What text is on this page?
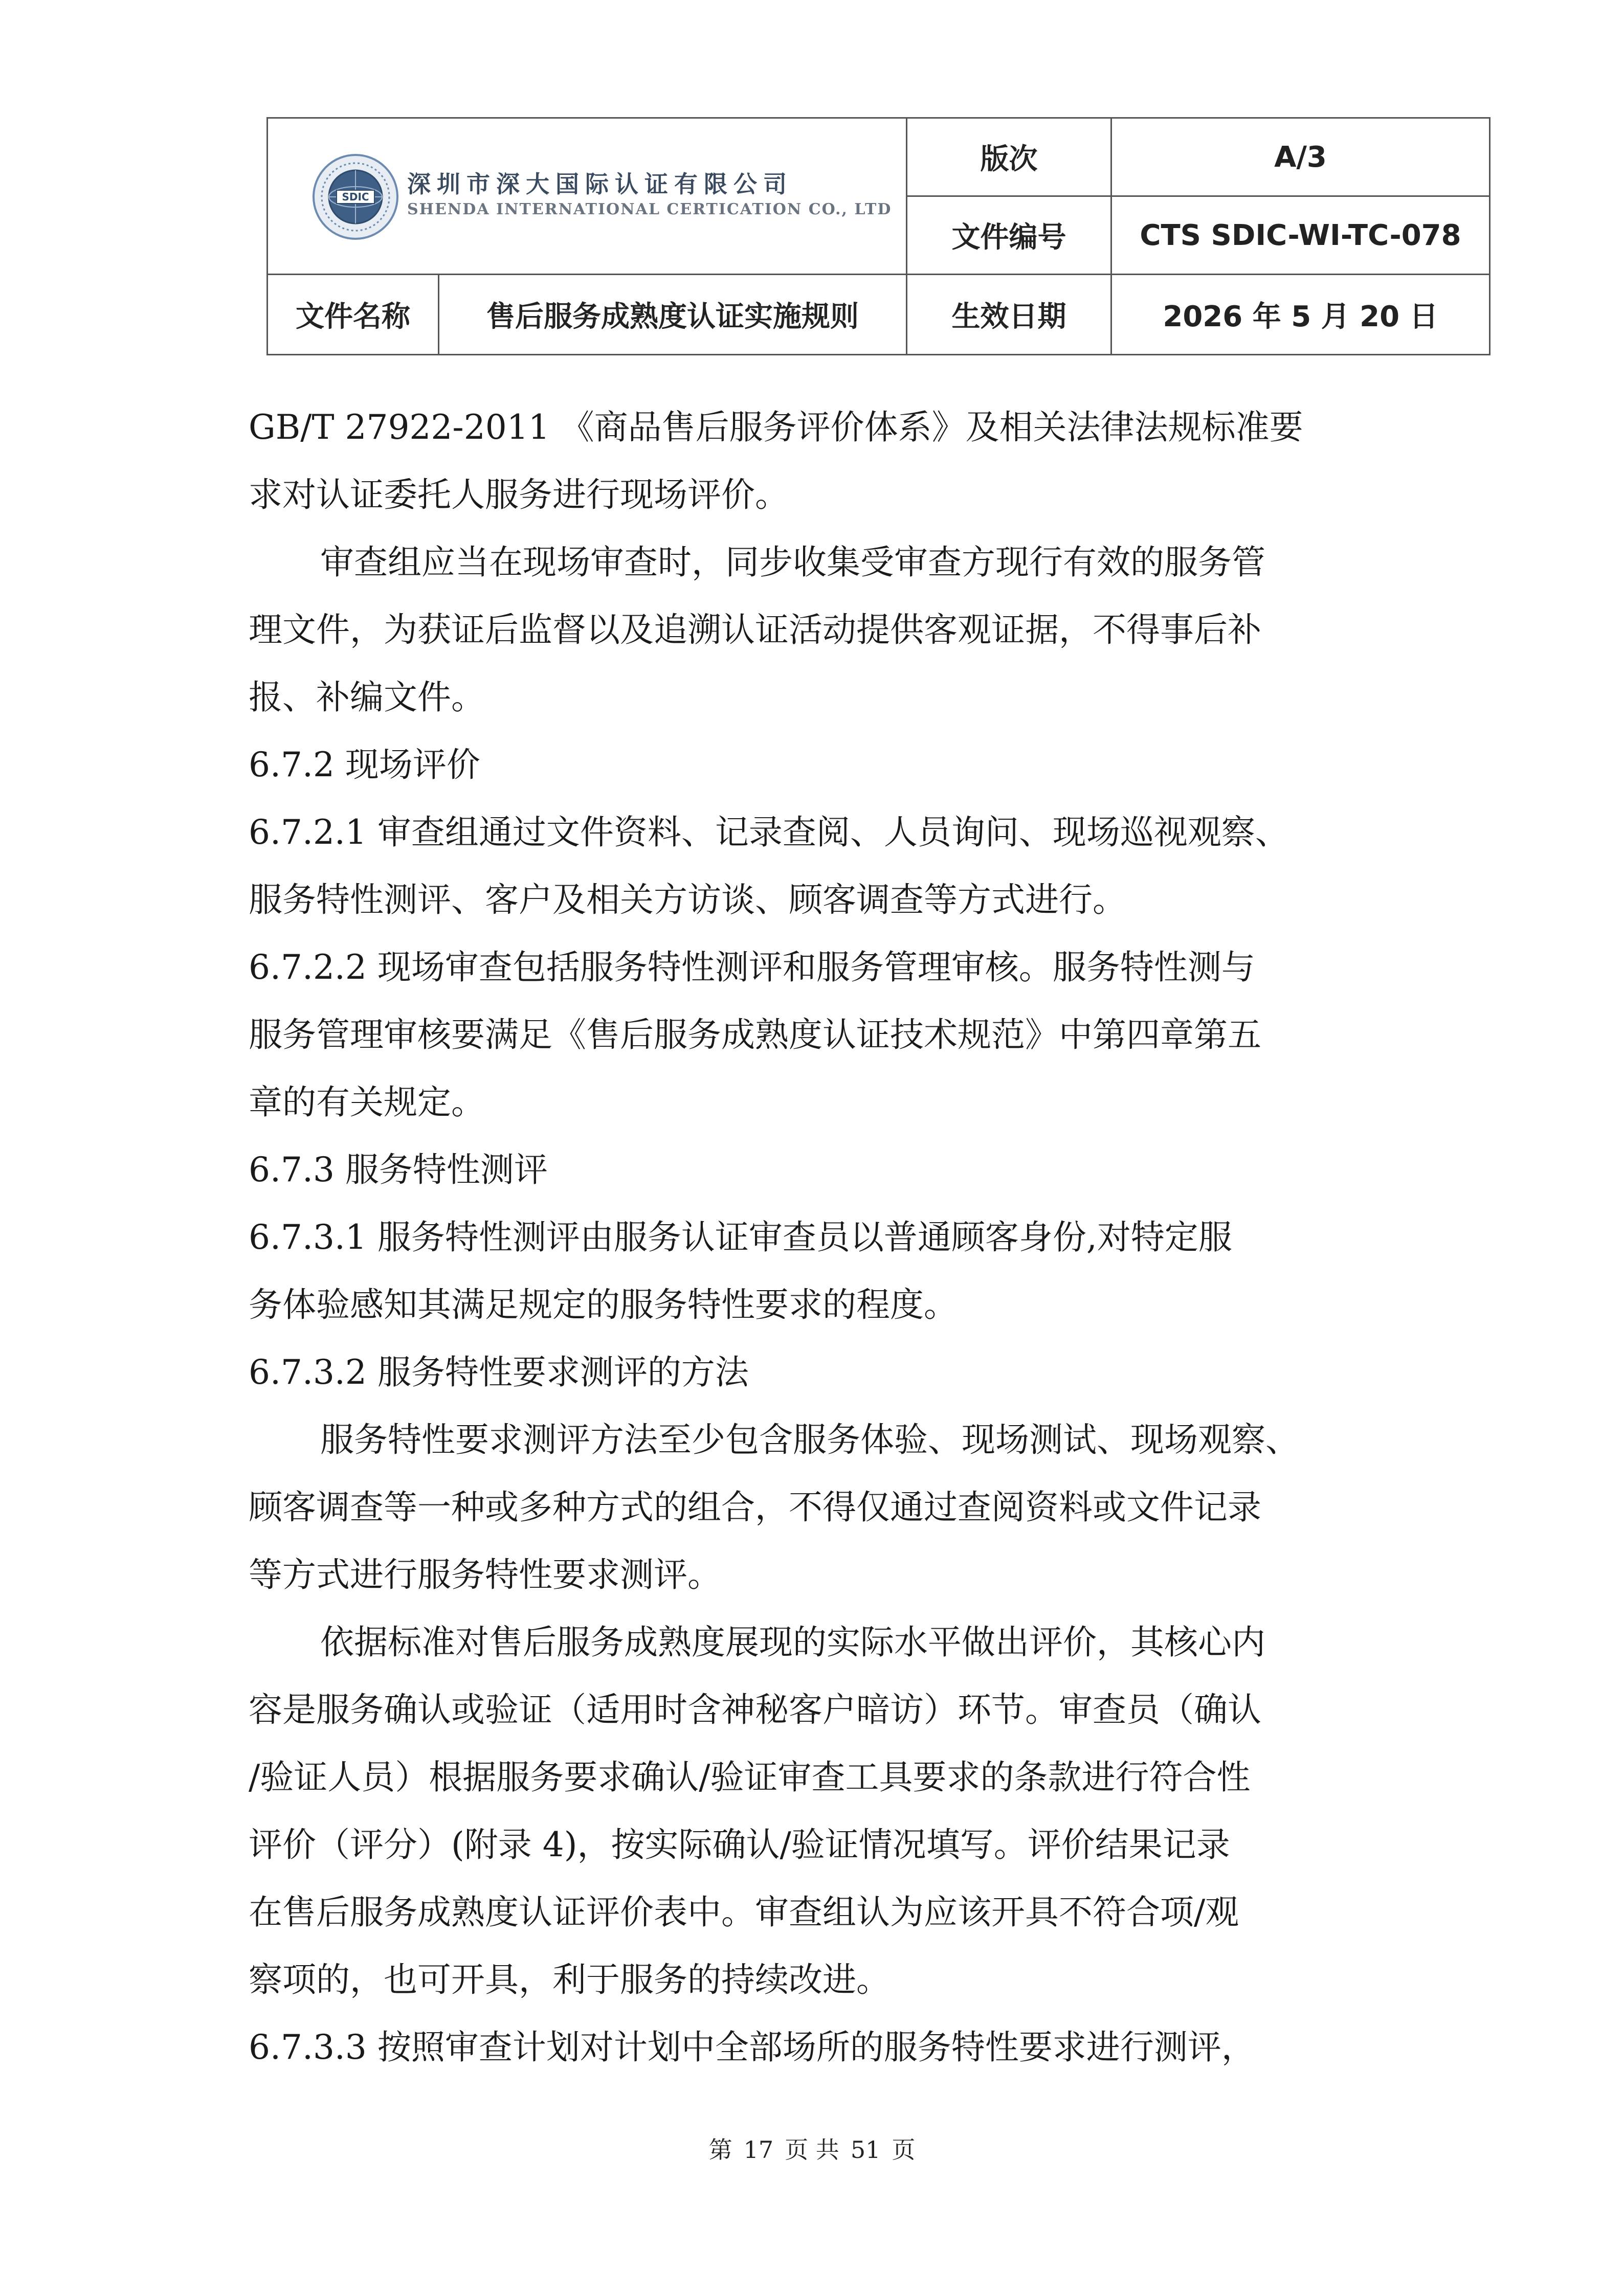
SDIC 深圳市深大国际认证有限公司
SHENDA INTERNATIONAL CERTICATION CO., LTD		版次	A/3
		文件编号	CTS SDIC-WI-TC-078
文件名称	售后服务成熟度认证实施规则	生效日期	2026 年 5 月 20 日

GB/T 27922-2011 《商品售后服务评价体系》及相关法律法规标准要

求对认证委托人服务进行现场评价。

审查组应当在现场审查时，同步收集受审查方现行有效的服务管

理文件，为获证后监督以及追溯认证活动提供客观证据，不得事后补

报、补编文件。

6.7.2 现场评价

6.7.2.1 审查组通过文件资料、记录查阅、人员询问、现场巡视观察、

服务特性测评、客户及相关方访谈、顾客调查等方式进行。

6.7.2.2 现场审查包括服务特性测评和服务管理审核。服务特性测与

服务管理审核要满足《售后服务成熟度认证技术规范》中第四章第五

章的有关规定。

6.7.3 服务特性测评

6.7.3.1 服务特性测评由服务认证审查员以普通顾客身份,对特定服

务体验感知其满足规定的服务特性要求的程度。

6.7.3.2 服务特性要求测评的方法

服务特性要求测评方法至少包含服务体验、现场测试、现场观察、

顾客调查等一种或多种方式的组合，不得仅通过查阅资料或文件记录

等方式进行服务特性要求测评。

依据标准对售后服务成熟度展现的实际水平做出评价，其核心内

容是服务确认或验证（适用时含神秘客户暗访）环节。审查员（确认

/验证人员）根据服务要求确认/验证审查工具要求的条款进行符合性

评价（评分）(附录 4)，按实际确认/验证情况填写。评价结果记录

在售后服务成熟度认证评价表中。审查组认为应该开具不符合项/观

察项的，也可开具，利于服务的持续改进。

6.7.3.3 按照审查计划对计划中全部场所的服务特性要求进行测评，

第 17 页 共 51 页
